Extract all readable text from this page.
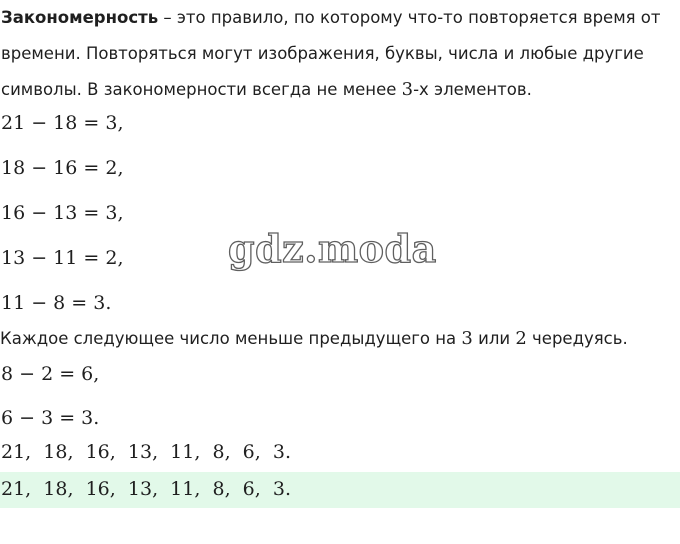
Закономерность – это правило, по которому что-то повторяется время от

времени. Повторяться могут изображения, буквы, числа и любые другие

символы. В закономерности всегда не менее 3-х элементов.

21 − 18 = 3,
18 − 16 = 2,
16 − 13 = 3,
13 − 11 = 2,
11 − 8 = 3.
gdz.moda
Каждое следующее число меньше предыдущего на 3 или 2 чередуясь.
8 − 2 = 6,
6 − 3 = 3.
21,  18,  16,  13,  11,  8,  6,  3.
21,  18,  16,  13,  11,  8,  6,  3.
